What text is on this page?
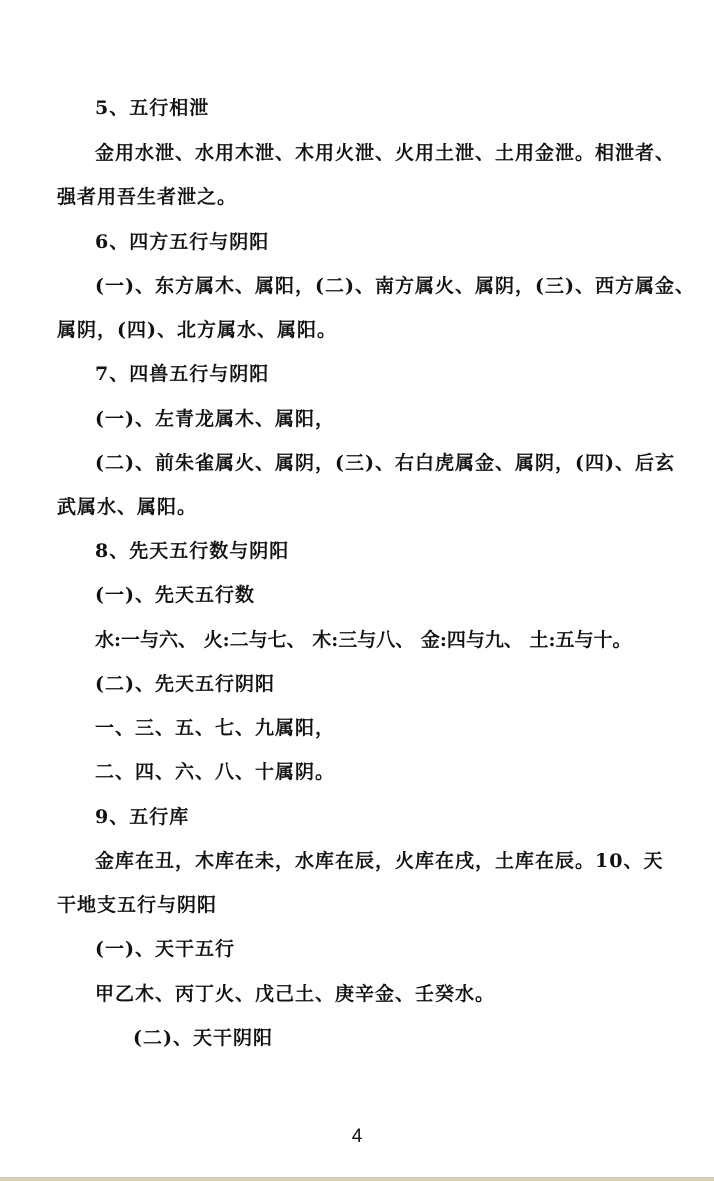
5、五行相泄
金用水泄、水用木泄、木用火泄、火用土泄、土用金泄。相泄者、
强者用吾生者泄之。
6、四方五行与阴阳
(一)、东方属木、属阳，(二)、南方属火、属阴，(三)、西方属金、
属阴，(四)、北方属水、属阳。
7、四兽五行与阴阳
(一)、左青龙属木、属阳，
(二)、前朱雀属火、属阴，(三)、右白虎属金、属阴，(四)、后玄
武属水、属阳。
8、先天五行数与阴阳
(一)、先天五行数
水:一与六、 火:二与七、 木:三与八、 金:四与九、 土:五与十。
(二)、先天五行阴阳
一、三、五、七、九属阳，
二、四、六、八、十属阴。
9、五行库
金库在丑，木库在未，水库在辰，火库在戌，土库在辰。10、天
干地支五行与阴阳
(一)、天干五行
甲乙木、丙丁火、戊己土、庚辛金、壬癸水。
(二)、天干阴阳
4
